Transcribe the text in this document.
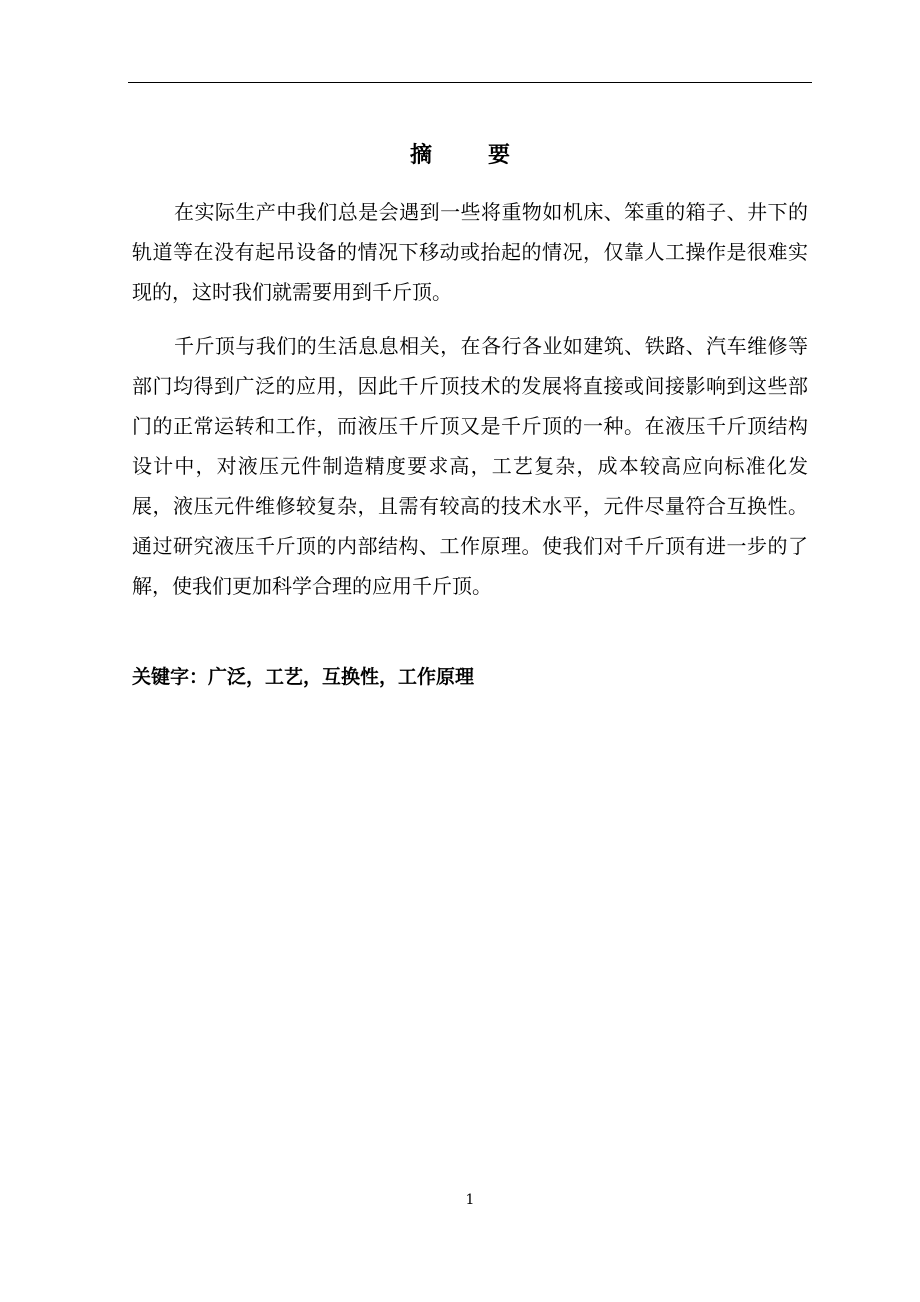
摘要

在实际生产中我们总是会遇到一些将重物如机床、笨重的箱子、井下的轨道等在没有起吊设备的情况下移动或抬起的情况，仅靠人工操作是很难实现的，这时我们就需要用到千斤顶。

千斤顶与我们的生活息息相关，在各行各业如建筑、铁路、汽车维修等部门均得到广泛的应用，因此千斤顶技术的发展将直接或间接影响到这些部门的正常运转和工作，而液压千斤顶又是千斤顶的一种。在液压千斤顶结构设计中，对液压元件制造精度要求高，工艺复杂，成本较高应向标准化发展，液压元件维修较复杂，且需有较高的技术水平，元件尽量符合互换性。通过研究液压千斤顶的内部结构、工作原理。使我们对千斤顶有进一步的了解，使我们更加科学合理的应用千斤顶。

关键字：广泛，工艺，互换性，工作原理
1
